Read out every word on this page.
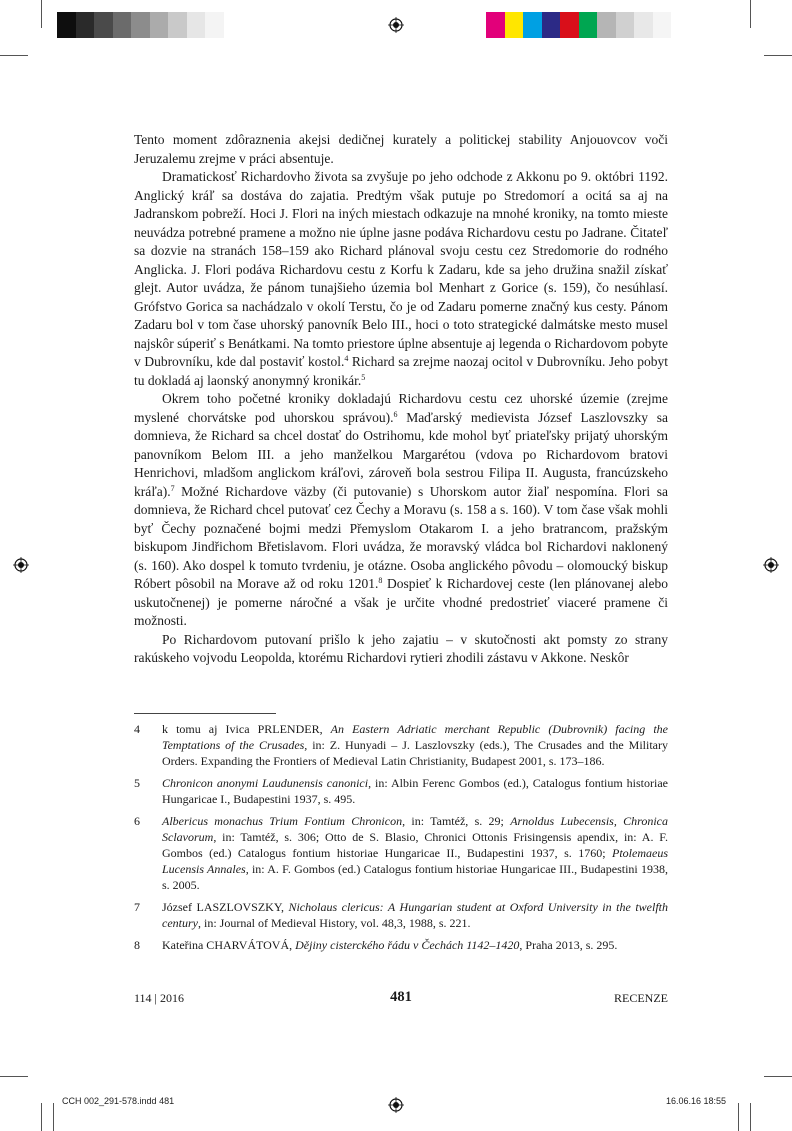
Tento moment zdôraznenia akejsi dedičnej kurately a politickej stability Anjouovcov voči Jeruzalemu zrejme v práci absentuje.

Dramatickosť Richardovho života sa zvyšuje po jeho odchode z Akkonu po 9. októbri 1192. Anglický kráľ sa dostáva do zajatia. Predtým však putuje po Stredomorí a ocitá sa aj na Jadranskom pobreží. Hoci J. Flori na iných miestach odkazuje na mnohé kroniky, na tomto mieste neuvádza potrebné pramene a možno nie úplne jasne podáva Richardovu cestu po Jadrane. Čitateľ sa dozvie na stranách 158–159 ako Richard plánoval svoju cestu cez Stredomorie do rodného Anglicka. J. Flori podáva Richardovu cestu z Korfu k Zadaru, kde sa jeho družina snažil získať glejt. Autor uvádza, že pánom tunajšieho územia bol Menhart z Gorice (s. 159), čo nesúhlasí. Grófstvo Gorica sa nachádzalo v okolí Terstu, čo je od Zadaru pomerne značný kus cesty. Pánom Zadaru bol v tom čase uhorský panovník Belo III., hoci o toto strategické dalmátske mesto musel najskôr súperiť s Benátkami. Na tomto priestore úplne absentuje aj legenda o Richardovom pobyte v Dubrovníku, kde dal postaviť kostol.$^4$ Richard sa zrejme naozaj ocitol v Dubrovníku. Jeho pobyt tu dokladá aj laonský anonymný kronikár.$^5$

Okrem toho početné kroniky dokladajú Richardovu cestu cez uhorské územie (zrejme myslené chorvátske pod uhorskou správou).$^6$ Maďarský medievista József Laszlovszky sa domnieva, že Richard sa chcel dostať do Ostrihomu, kde mohol byť priateľsky prijatý uhorským panovníkom Belom III. a jeho manželkou Margarétou (vdova po Richardovom bratovi Henrichovi, mladšom anglickom kráľovi, zároveň bola sestrou Filipa II. Augusta, francúzskeho kráľa).$^7$ Možné Richardove väzby (či putovanie) s Uhorskom autor žiaľ nespomína. Flori sa domnieva, že Richard chcel putovať cez Čechy a Moravu (s. 158 a s. 160). V tom čase však mohli byť Čechy poznačené bojmi medzi Přemyslom Otakarom I. a jeho bratrancom, pražským biskupom Jindřichom Břetislavom. Flori uvádza, že moravský vládca bol Richardovi naklonený (s. 160). Ako dospel k tomuto tvrdeniu, je otázne. Osoba anglického pôvodu – olomoucký biskup Róbert pôsobil na Morave až od roku 1201.$^8$ Dospieť k Richardovej ceste (len plánovanej alebo uskutočnenej) je pomerne náročné a však je určite vhodné predostrieť viaceré pramene či možnosti.

Po Richardovom putovaní prišlo k jeho zajatiu – v skutočnosti akt pomsty zo strany rakúskeho vojvodu Leopolda, ktorému Richardovi rytieri zhodili zástavu v Akkone. Neskôr

4	k tomu aj Ivica PRLENDER, An Eastern Adriatic merchant Republic (Dubrovnik) facing the Temptations of the Crusades, in: Z. Hunyadi – J. Laszlovszky (eds.), The Crusades and the Military Orders. Expanding the Frontiers of Medieval Latin Christianity, Budapest 2001, s. 173–186.
5	Chronicon anonymi Laudunensis canonici, in: Albin Ferenc Gombos (ed.), Catalogus fontium historiae Hungaricae I., Budapestini 1937, s. 495.
6	Albericus monachus Trium Fontium Chronicon, in: Tamtéž, s. 29; Arnoldus Lubecensis, Chronica Sclavorum, in: Tamtéž, s. 306; Otto de S. Blasio, Chronici Ottonis Frisingensis apendix, in: A. F. Gombos (ed.) Catalogus fontium historiae Hungaricae II., Budapestini 1937, s. 1760; Ptolemaeus Lucensis Annales, in: A. F. Gombos (ed.) Catalogus fontium historiae Hungaricae III., Budapestini 1938, s. 2005.
7	József LASZLOVSZKY, Nicholaus clericus: A Hungarian student at Oxford University in the twelfth century, in: Journal of Medieval History, vol. 48,3, 1988, s. 221.
8	Kateřina CHARVÁTOVÁ, Dějiny cisterckého řádu v Čechách 1142–1420, Praha 2013, s. 295.
114 | 2016	481	RECENZE
CCH 002_291-578.indd 481	16.06.16 18:55
